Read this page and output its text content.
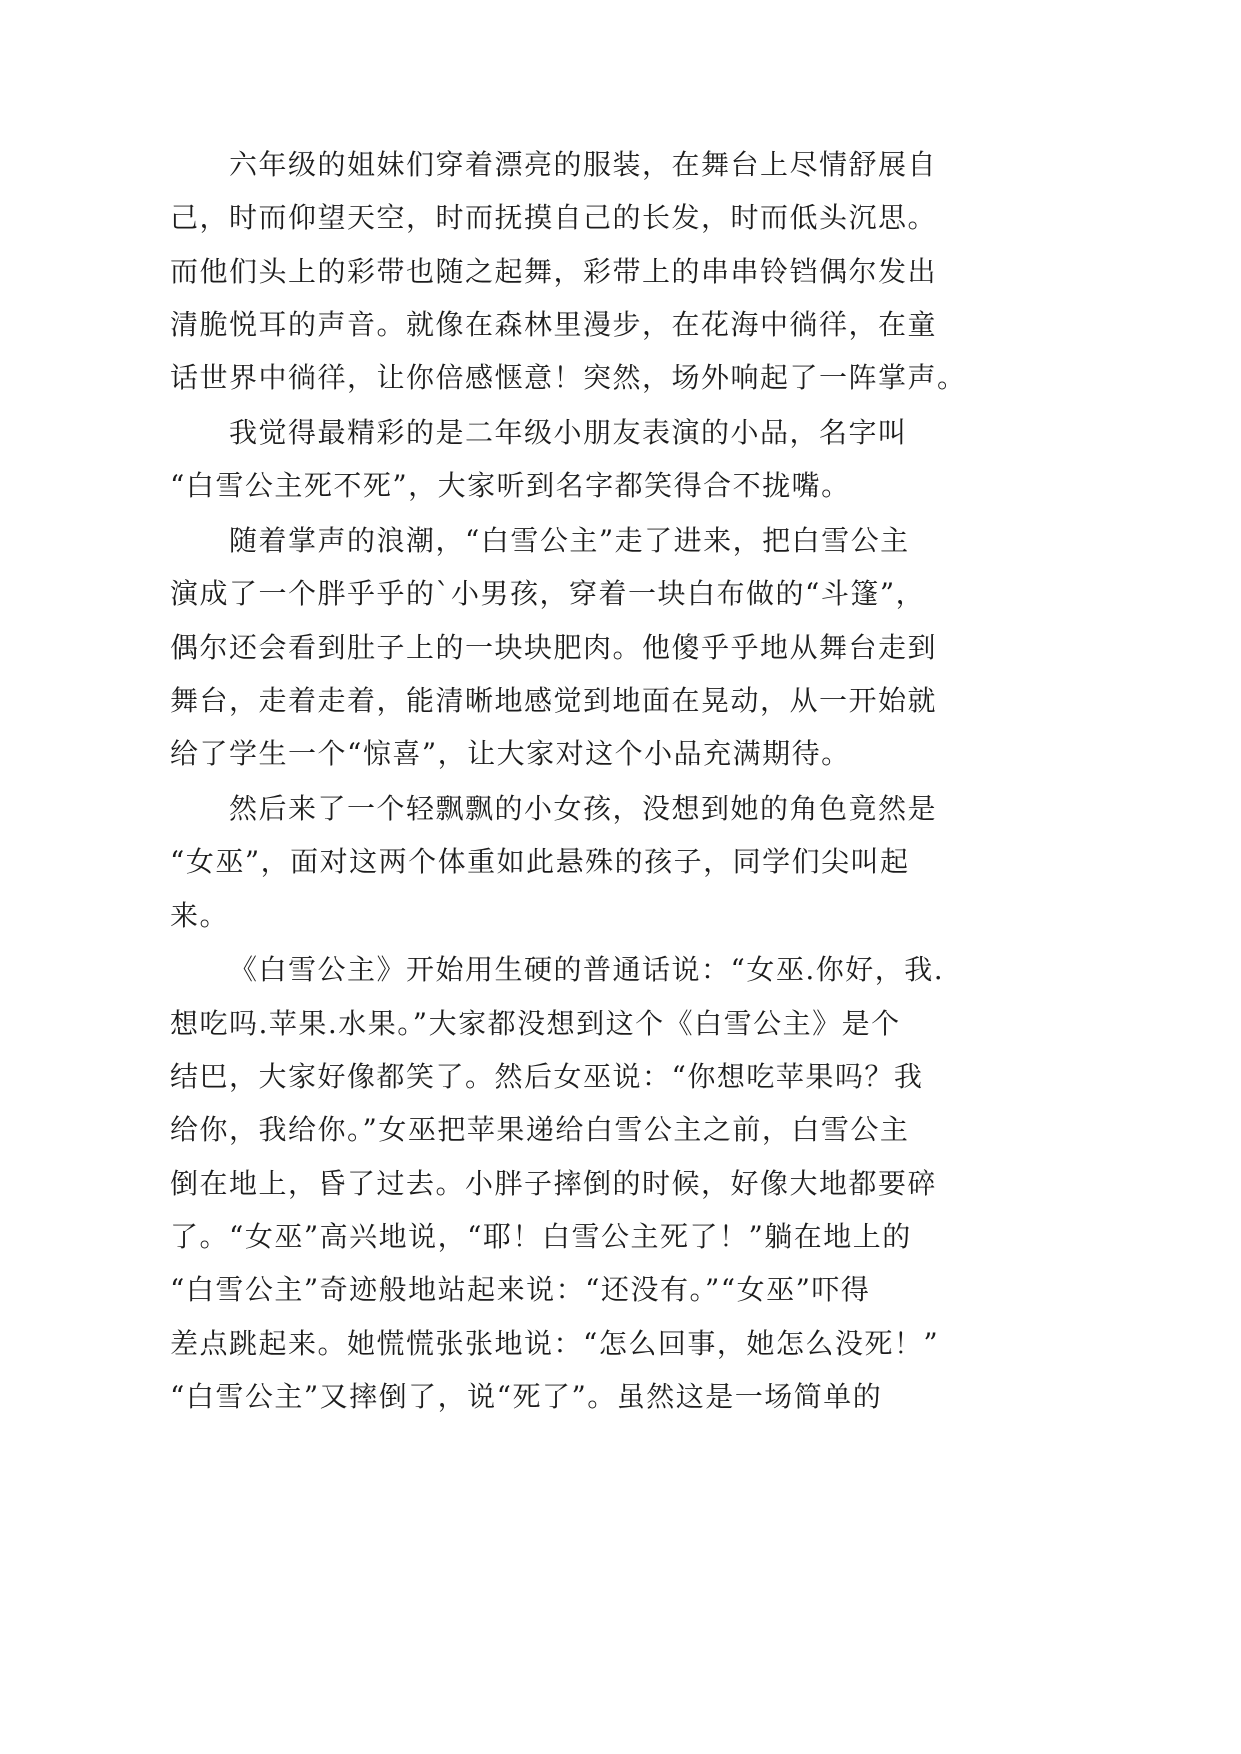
六年级的姐妹们穿着漂亮的服装，在舞台上尽情舒展自
己，时而仰望天空，时而抚摸自己的长发，时而低头沉思。
而他们头上的彩带也随之起舞，彩带上的串串铃铛偶尔发出
清脆悦耳的声音。就像在森林里漫步，在花海中徜徉，在童
话世界中徜徉，让你倍感惬意！突然，场外响起了一阵掌声。
我觉得最精彩的是二年级小朋友表演的小品，名字叫
“白雪公主死不死”，大家听到名字都笑得合不拢嘴。
随着掌声的浪潮，“白雪公主”走了进来，把白雪公主
演成了一个胖乎乎的`小男孩，穿着一块白布做的“斗篷”，
偶尔还会看到肚子上的一块块肥肉。他傻乎乎地从舞台走到
舞台，走着走着，能清晰地感觉到地面在晃动，从一开始就
给了学生一个“惊喜”，让大家对这个小品充满期待。
然后来了一个轻飘飘的小女孩，没想到她的角色竟然是
“女巫”，面对这两个体重如此悬殊的孩子，同学们尖叫起
来。
《白雪公主》开始用生硬的普通话说：“女巫.你好，我.
想吃吗.苹果.水果。”大家都没想到这个《白雪公主》是个
结巴，大家好像都笑了。然后女巫说：“你想吃苹果吗？我
给你，我给你。”女巫把苹果递给白雪公主之前，白雪公主
倒在地上，昏了过去。小胖子摔倒的时候，好像大地都要碎
了。“女巫”高兴地说，“耶！白雪公主死了！”躺在地上的
“白雪公主”奇迹般地站起来说：“还没有。”“女巫”吓得
差点跳起来。她慌慌张张地说：“怎么回事，她怎么没死！”
“白雪公主”又摔倒了，说“死了”。虽然这是一场简单的
